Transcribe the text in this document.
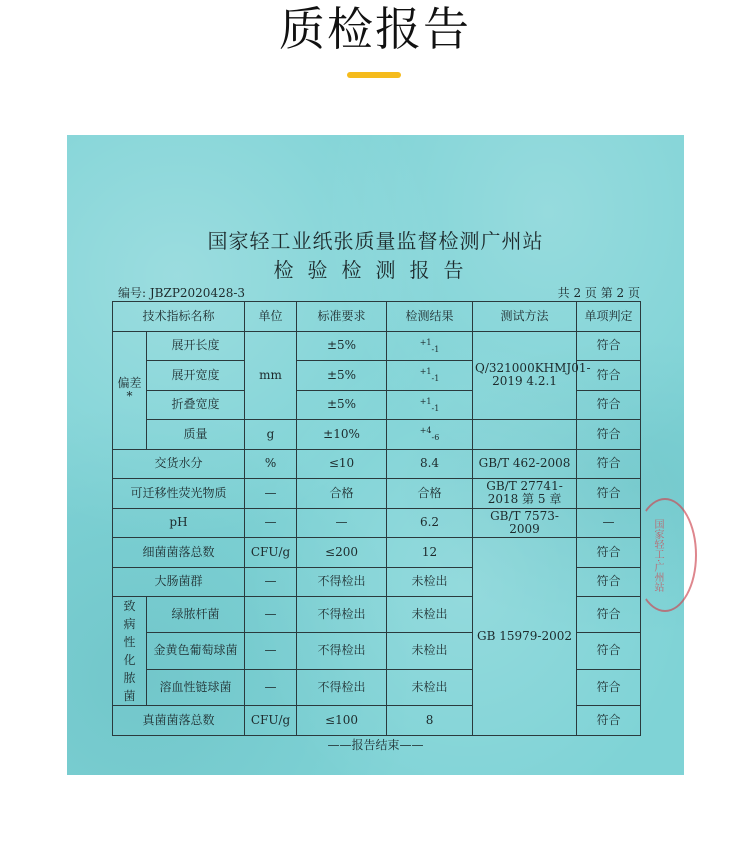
质检报告
国家轻工业纸张质量监督检测广州站
检验检测报告
编号: JBZP2020428-3	共 2 页 第 2 页
技术指标名称		单位	标准要求	检测结果	测试方法	单项判定
偏差*	展开长度	mm	±5%	$^{+1}_{-1}$	Q/321000KHMJ01-2019 4.2.1	符合
	展开宽度		±5%	$^{+1}_{-1}$		符合
	折叠宽度		±5%	$^{+1}_{-1}$		符合
	质量	g	±10%	$^{+4}_{-6}$		符合
交货水分		%	≤10	8.4	GB/T 462-2008	符合
可迁移性荧光物质		—	合格	合格	GB/T 27741-2018 第 5 章	符合
pH		—	—	6.2	GB/T 7573-2009	—
细菌菌落总数		CFU/g	≤200	12	GB 15979-2002	符合
大肠菌群		—	不得检出	未检出		符合
致病性化脓菌	绿脓杆菌	—	不得检出	未检出		符合
	金黄色葡萄球菌	—	不得检出	未检出		符合
	溶血性链球菌	—	不得检出	未检出		符合
真菌菌落总数		CFU/g	≤100	8		符合
——报告结束——
国家轻工·广州站
